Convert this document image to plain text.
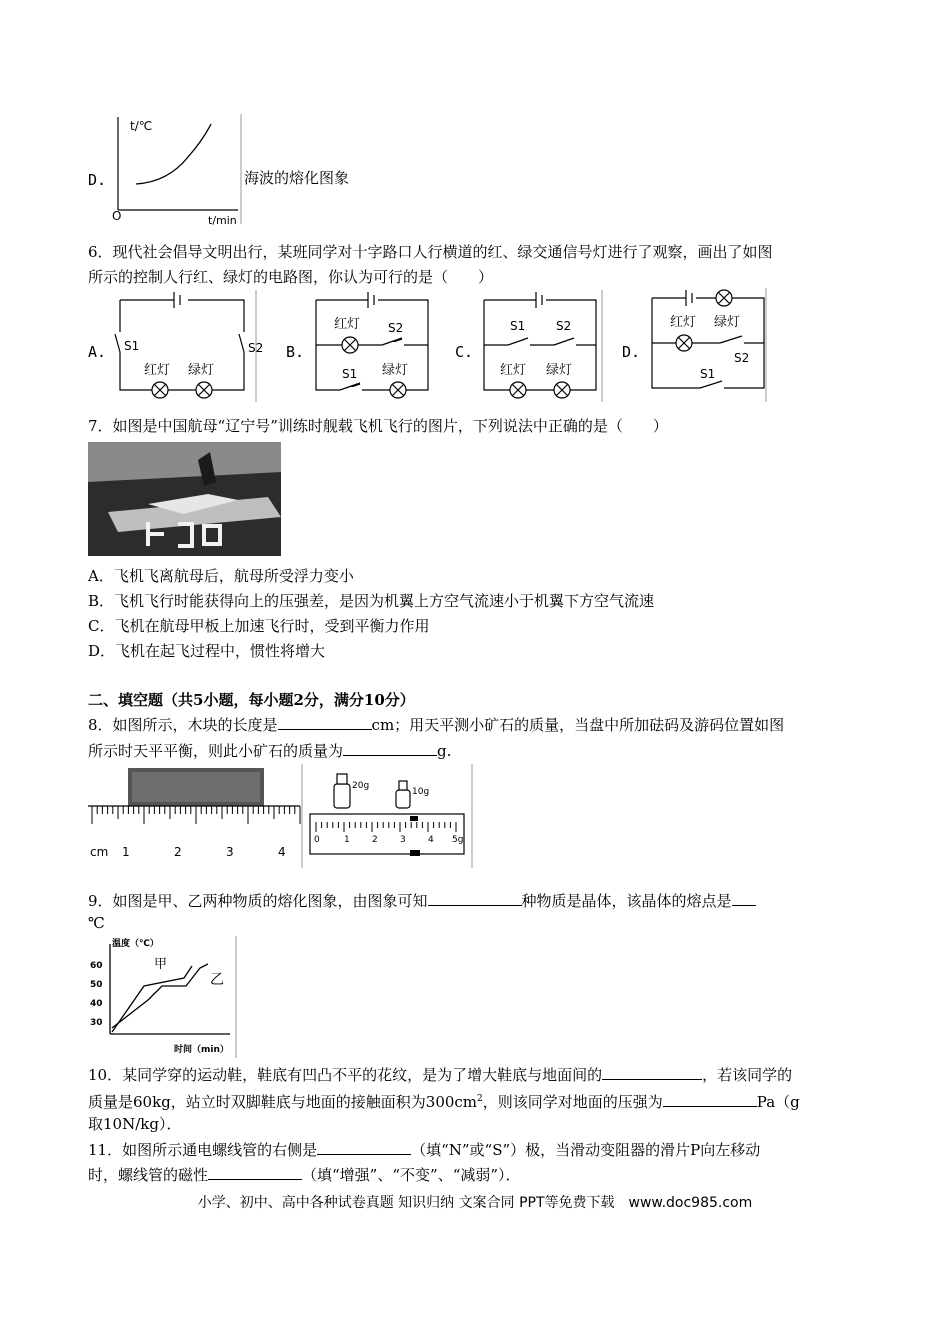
D.
t/℃
O	t/min
海波的熔化图象
6．现代社会倡导文明出行，某班同学对十字路口人行横道的红、绿交通信号灯进行了观察，画出了如图
所示的控制人行红、绿灯的电路图，你认为可行的是（　　）
A.	B.	C.	D.
S1	S2
红灯 绿灯
红灯 S2
S1 绿灯
S1	S2
红灯 绿灯
红灯 绿灯
S2
S1
7．如图是中国航母“辽宁号”训练时舰载飞机飞行的图片，下列说法中正确的是（　　）
A．飞机飞离航母后，航母所受浮力变小
B．飞机飞行时能获得向上的压强差，是因为机翼上方空气流速小于机翼下方空气流速
C．飞机在航母甲板上加速飞行时，受到平衡力作用
D．飞机在起飞过程中，惯性将增大
二、填空题（共5小题，每小题2分，满分10分）
8．如图所示，木块的长度是	cm；用天平测小矿石的质量，当盘中所加砝码及游码位置如图
所示时天平平衡，则此小矿石的质量为	g.
cm 1	2	3	4
20g
10g
0	1 2 3 4 5g
9．如图是甲、乙两种物质的熔化图象，由图象可知	种物质是晶体，该晶体的熔点是
℃
温度（℃）
60
50
40
30
甲
乙
时间（min）
10．某同学穿的运动鞋，鞋底有凹凸不平的花纹，是为了增大鞋底与地面间的	，若该同学的
质量是60kg，站立时双脚鞋底与地面的接触面积为$300cm^2$，则该同学对地面的压强为	Pa（g
取10N/kg）．
11．如图所示通电螺线管的右侧是	（填“N”或“S”）极，当滑动变阻器的滑片P向左移动
时，螺线管的磁性	（填“增强”、“不变”、“减弱”）．
小学、初中、高中各种试卷真题 知识归纳 文案合同 PPT等免费下载　www.doc985.com
